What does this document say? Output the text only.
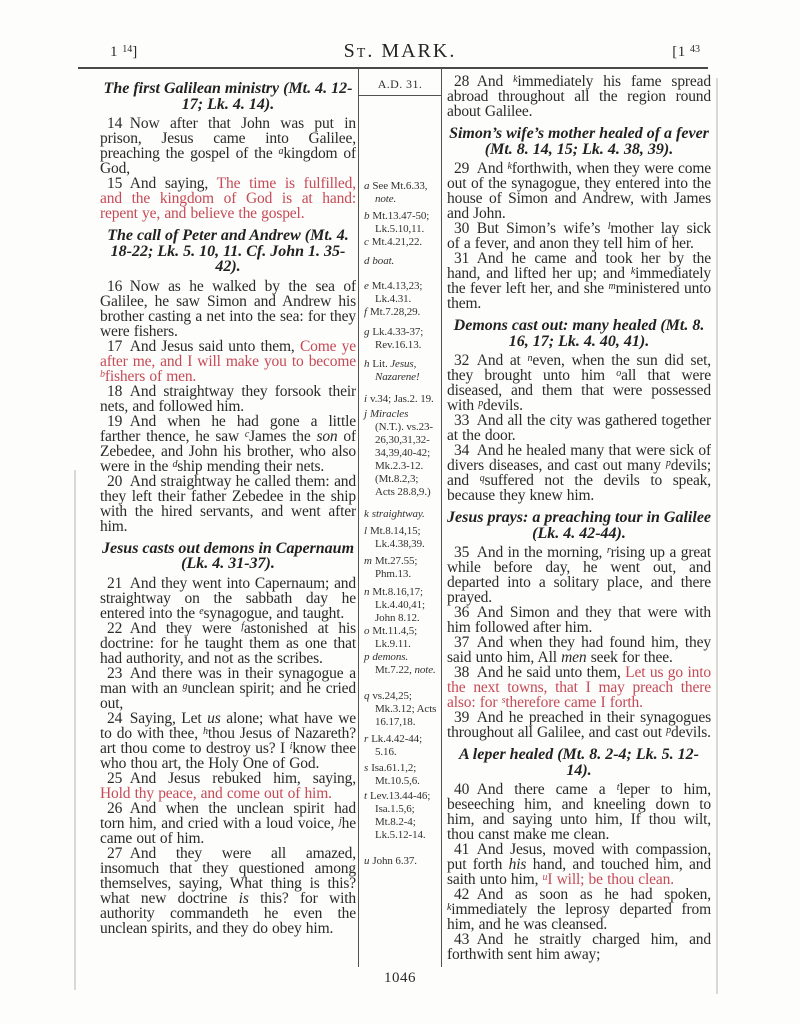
1 $^{14}$]	St. MARK.	[1 $^{43}$
The first Galilean ministry (Mt. 4. 12-17; Lk. 4. 14).

14 Now after that John was put in prison, Jesus came into Galilee, preaching the gospel of the $^a$kingdom of God,

15 And saying, The time is fulfilled, and the kingdom of God is at hand: repent ye, and believe the gospel.

The call of Peter and Andrew (Mt. 4. 18-22; Lk. 5. 10, 11. Cf. John 1. 35-42).

16 Now as he walked by the sea of Galilee, he saw Simon and Andrew his brother casting a net into the sea: for they were fishers.

17 And Jesus said unto them, Come ye after me, and I will make you to become $^b$fishers of men.

18 And straightway they forsook their nets, and followed him.

19 And when he had gone a little farther thence, he saw $^c$James the son of Zebedee, and John his brother, who also were in the $^d$ship mending their nets.

20 And straightway he called them: and they left their father Zebedee in the ship with the hired servants, and went after him.

Jesus casts out demons in Capernaum (Lk. 4. 31-37).

21 And they went into Capernaum; and straightway on the sabbath day he entered into the $^e$synagogue, and taught.

22 And they were $^f$astonished at his doctrine: for he taught them as one that had authority, and not as the scribes.

23 And there was in their synagogue a man with an $^g$unclean spirit; and he cried out,

24 Saying, Let us alone; what have we to do with thee, $^h$thou Jesus of Nazareth? art thou come to destroy us? I $^i$know thee who thou art, the Holy One of God.

25 And Jesus rebuked him, saying, Hold thy peace, and come out of him.

26 And when the unclean spirit had torn him, and cried with a loud voice, $^j$he came out of him.

27 And they were all amazed, insomuch that they questioned among themselves, saying, What thing is this? what new doctrine is this? for with authority commandeth he even the unclean spirits, and they do obey him.

A.D. 31.
a See Mt.6.33, note.
b Mt.13.47-50; Lk.5.10,11.
c Mt.4.21,22.
d boat.
e Mt.4.13,23; Lk.4.31.
f Mt.7.28,29.
g Lk.4.33-37; Rev.16.13.
h Lit. Jesus, Nazarene!
i v.34; Jas.2. 19.
j Miracles (N.T.). vs.23-26,30,31,32-34,39,40-42; Mk.2.3-12. (Mt.8.2,3; Acts 28.8,9.)
k straightway.
l Mt.8.14,15; Lk.4.38,39.
m Mt.27.55; Phm.13.
n Mt.8.16,17; Lk.4.40,41; John 8.12.
o Mt.11.4,5; Lk.9.11.
p demons. Mt.7.22, note.
q vs.24,25; Mk.3.12; Acts 16.17,18.
r Lk.4.42-44; 5.16.
s Isa.61.1,2; Mt.10.5,6.
t Lev.13.44-46; Isa.1.5,6; Mt.8.2-4; Lk.5.12-14.
u John 6.37.

28 And $^k$immediately his fame spread abroad throughout all the region round about Galilee.

Simon’s wife’s mother healed of a fever (Mt. 8. 14, 15; Lk. 4. 38, 39).

29 And $^k$forthwith, when they were come out of the synagogue, they entered into the house of Simon and Andrew, with James and John.

30 But Simon’s wife’s $^l$mother lay sick of a fever, and anon they tell him of her.

31 And he came and took her by the hand, and lifted her up; and $^k$immediately the fever left her, and she $^m$ministered unto them.

Demons cast out: many healed (Mt. 8. 16, 17; Lk. 4. 40, 41).

32 And at $^n$even, when the sun did set, they brought unto him $^o$all that were diseased, and them that were possessed with $^p$devils.

33 And all the city was gathered together at the door.

34 And he healed many that were sick of divers diseases, and cast out many $^p$devils; and $^q$suffered not the devils to speak, because they knew him.

Jesus prays: a preaching tour in Galilee (Lk. 4. 42-44).

35 And in the morning, $^r$rising up a great while before day, he went out, and departed into a solitary place, and there prayed.

36 And Simon and they that were with him followed after him.

37 And when they had found him, they said unto him, All men seek for thee.

38 And he said unto them, Let us go into the next towns, that I may preach there also: for $^s$therefore came I forth.

39 And he preached in their synagogues throughout all Galilee, and cast out $^p$devils.

A leper healed (Mt. 8. 2-4; Lk. 5. 12-14).

40 And there came a $^t$leper to him, beseeching him, and kneeling down to him, and saying unto him, If thou wilt, thou canst make me clean.

41 And Jesus, moved with compassion, put forth his hand, and touched him, and saith unto him, $^u$I will; be thou clean.

42 And as soon as he had spoken, $^k$immediately the leprosy departed from him, and he was cleansed.

43 And he straitly charged him, and forthwith sent him away;

1046
